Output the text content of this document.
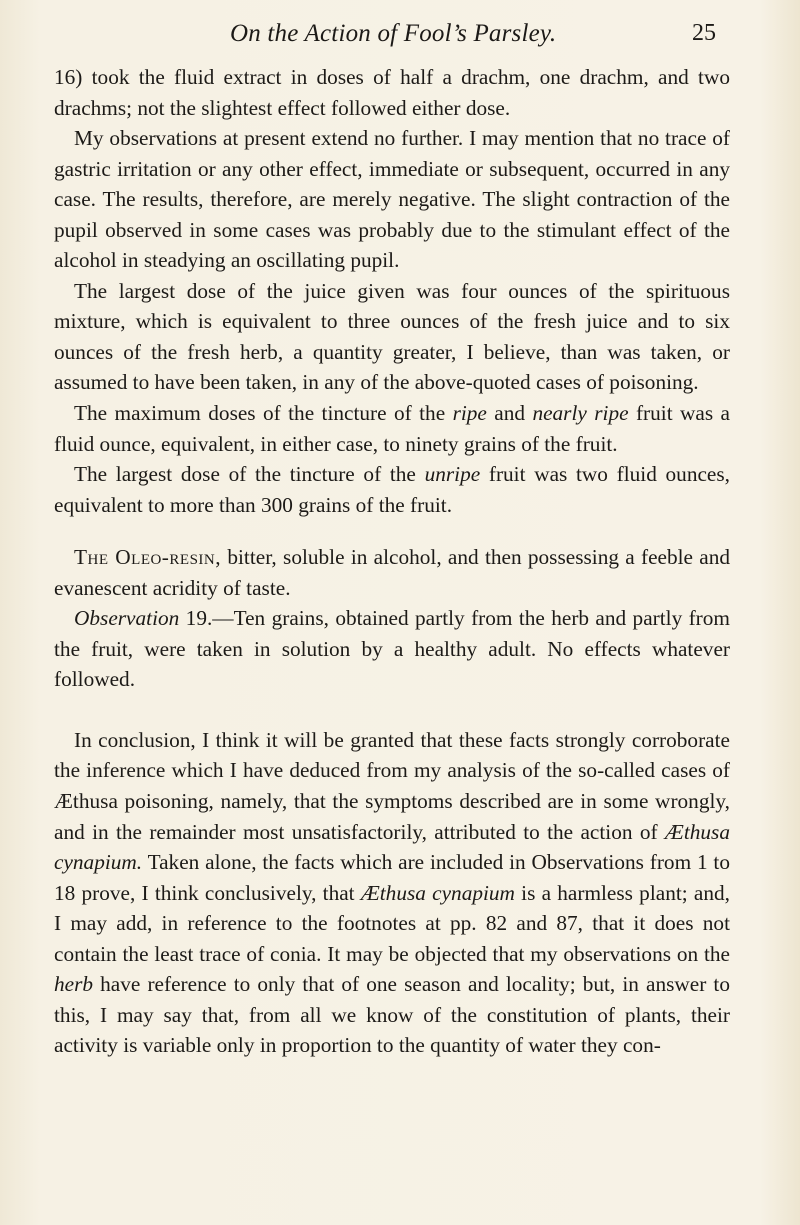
On the Action of Fool’s Parsley.	25

16) took the fluid extract in doses of half a drachm, one drachm, and two drachms; not the slightest effect followed either dose.

My observations at present extend no further. I may mention that no trace of gastric irritation or any other effect, immediate or subsequent, occurred in any case. The results, therefore, are merely negative. The slight contraction of the pupil observed in some cases was probably due to the stimulant effect of the alcohol in steadying an oscillating pupil.

The largest dose of the juice given was four ounces of the spirituous mixture, which is equivalent to three ounces of the fresh juice and to six ounces of the fresh herb, a quantity greater, I believe, than was taken, or assumed to have been taken, in any of the above-quoted cases of poisoning.

The maximum doses of the tincture of the ripe and nearly ripe fruit was a fluid ounce, equivalent, in either case, to ninety grains of the fruit.

The largest dose of the tincture of the unripe fruit was two fluid ounces, equivalent to more than 300 grains of the fruit.

The Oleo-resin, bitter, soluble in alcohol, and then possessing a feeble and evanescent acridity of taste.

Observation 19.—Ten grains, obtained partly from the herb and partly from the fruit, were taken in solution by a healthy adult. No effects whatever followed.

In conclusion, I think it will be granted that these facts strongly corroborate the inference which I have deduced from my analysis of the so-called cases of Æthusa poisoning, namely, that the symptoms described are in some wrongly, and in the remainder most unsatisfactorily, attributed to the action of Æthusa cynapium. Taken alone, the facts which are included in Observations from 1 to 18 prove, I think conclusively, that Æthusa cynapium is a harmless plant; and, I may add, in reference to the footnotes at pp. 82 and 87, that it does not contain the least trace of conia. It may be objected that my observations on the herb have reference to only that of one season and locality; but, in answer to this, I may say that, from all we know of the constitution of plants, their activity is variable only in proportion to the quantity of water they con-
